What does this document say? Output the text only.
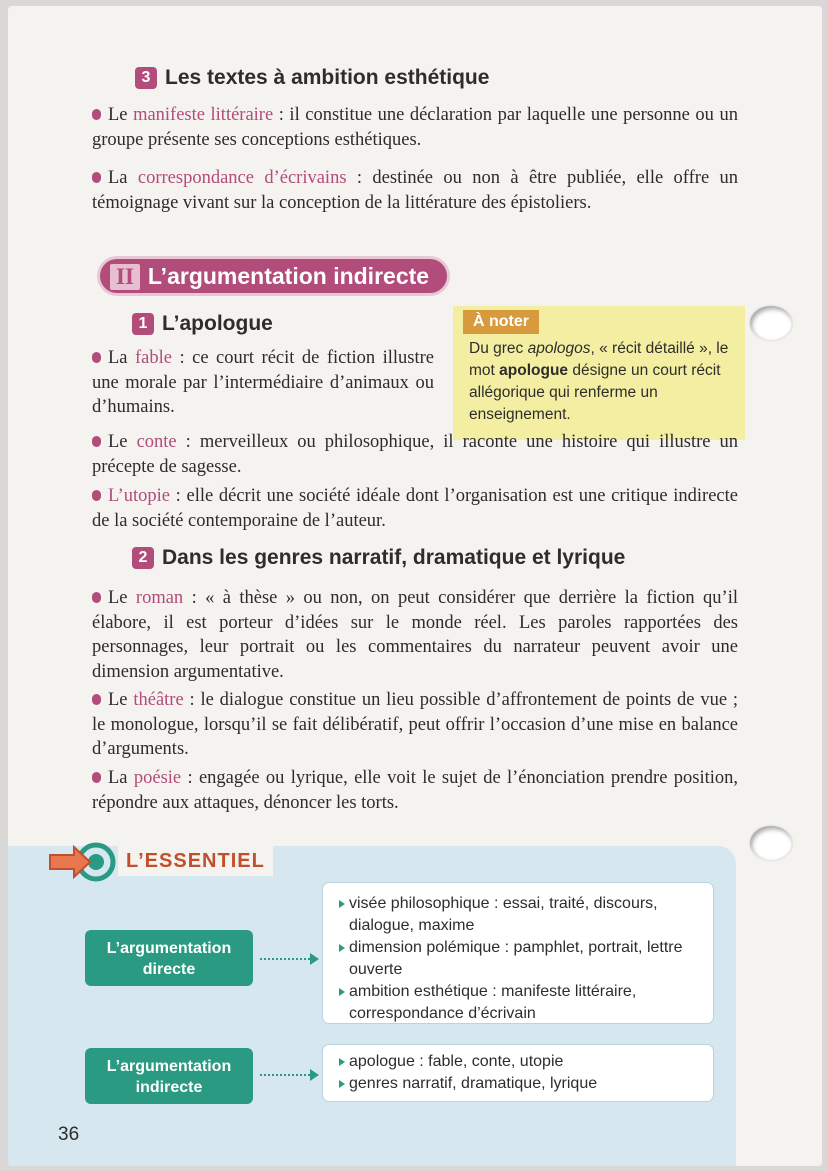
3 Les textes à ambition esthétique
Le manifeste littéraire : il constitue une déclaration par laquelle une personne ou un groupe présente ses conceptions esthétiques.
La correspondance d’écrivains : destinée ou non à être publiée, elle offre un témoignage vivant sur la conception de la littérature des épistoliers.
II L’argumentation indirecte
1 L’apologue
La fable : ce court récit de fiction illustre une morale par l’intermédiaire d’animaux ou d’humains.
À noter
Du grec apologos, « récit détaillé », le mot apologue désigne un court récit allégorique qui renferme un enseignement.
Le conte : merveilleux ou philosophique, il raconte une histoire qui illustre un précepte de sagesse.
L’utopie : elle décrit une société idéale dont l’organisation est une critique indirecte de la société contemporaine de l’auteur.
2 Dans les genres narratif, dramatique et lyrique
Le roman : « à thèse » ou non, on peut considérer que derrière la fiction qu’il élabore, il est porteur d’idées sur le monde réel. Les paroles rapportées des personnages, leur portrait ou les commentaires du narrateur peuvent avoir une dimension argumentative.
Le théâtre : le dialogue constitue un lieu possible d’affrontement de points de vue ; le monologue, lorsqu’il se fait délibératif, peut offrir l’occasion d’une mise en balance d’arguments.
La poésie : engagée ou lyrique, elle voit le sujet de l’énonciation prendre position, répondre aux attaques, dénoncer les torts.
L’ESSENTIEL
L’argumentation
directe
visée philosophique : essai, traité, discours, dialogue, maxime
dimension polémique : pamphlet, portrait, lettre ouverte
ambition esthétique : manifeste littéraire, correspondance d’écrivain
L’argumentation
indirecte
apologue : fable, conte, utopie
genres narratif, dramatique, lyrique
36
